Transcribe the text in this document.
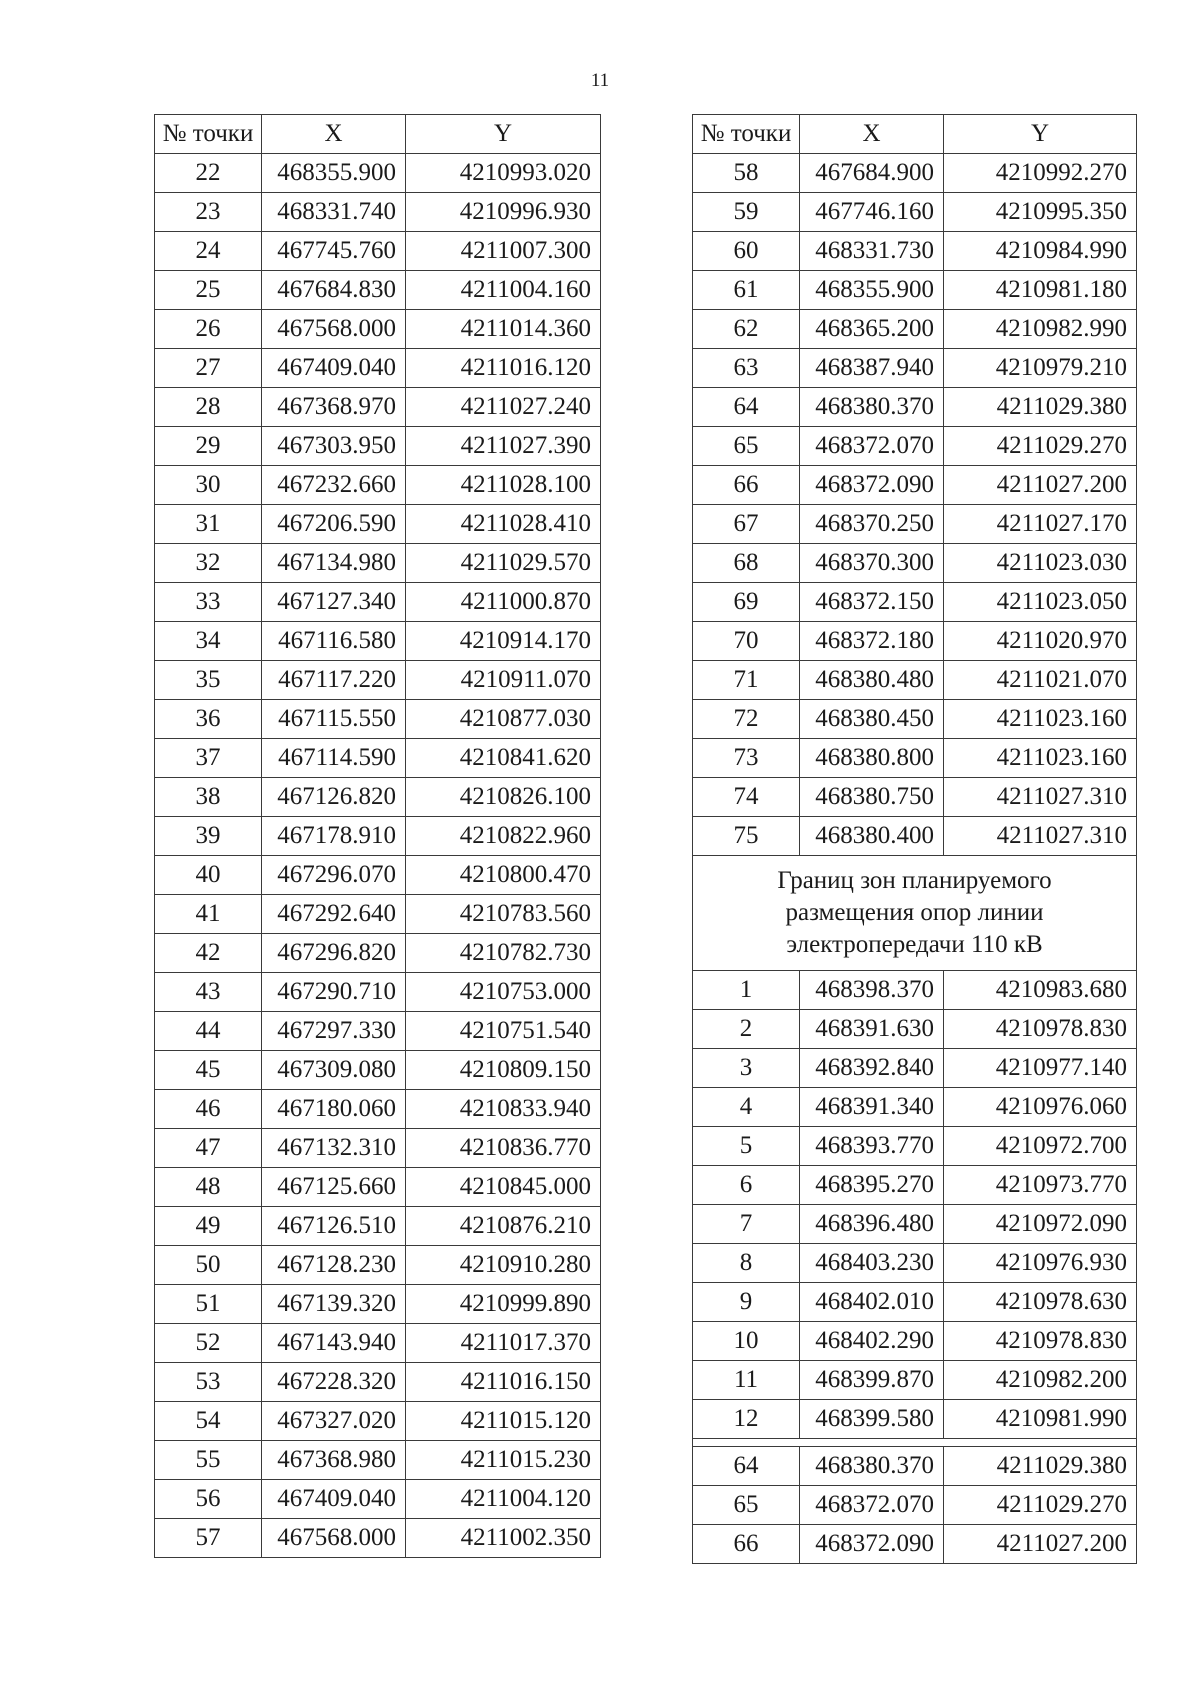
11
№ точки	X	Y
22	468355.900	4210993.020
23	468331.740	4210996.930
24	467745.760	4211007.300
25	467684.830	4211004.160
26	467568.000	4211014.360
27	467409.040	4211016.120
28	467368.970	4211027.240
29	467303.950	4211027.390
30	467232.660	4211028.100
31	467206.590	4211028.410
32	467134.980	4211029.570
33	467127.340	4211000.870
34	467116.580	4210914.170
35	467117.220	4210911.070
36	467115.550	4210877.030
37	467114.590	4210841.620
38	467126.820	4210826.100
39	467178.910	4210822.960
40	467296.070	4210800.470
41	467292.640	4210783.560
42	467296.820	4210782.730
43	467290.710	4210753.000
44	467297.330	4210751.540
45	467309.080	4210809.150
46	467180.060	4210833.940
47	467132.310	4210836.770
48	467125.660	4210845.000
49	467126.510	4210876.210
50	467128.230	4210910.280
51	467139.320	4210999.890
52	467143.940	4211017.370
53	467228.320	4211016.150
54	467327.020	4211015.120
55	467368.980	4211015.230
56	467409.040	4211004.120
57	467568.000	4211002.350
№ точки	X	Y
58	467684.900	4210992.270
59	467746.160	4210995.350
60	468331.730	4210984.990
61	468355.900	4210981.180
62	468365.200	4210982.990
63	468387.940	4210979.210
64	468380.370	4211029.380
65	468372.070	4211029.270
66	468372.090	4211027.200
67	468370.250	4211027.170
68	468370.300	4211023.030
69	468372.150	4211023.050
70	468372.180	4211020.970
71	468380.480	4211021.070
72	468380.450	4211023.160
73	468380.800	4211023.160
74	468380.750	4211027.310
75	468380.400	4211027.310
Границ зон планируемого размещения опор линии электропередачи 110 кВ		
1	468398.370	4210983.680
2	468391.630	4210978.830
3	468392.840	4210977.140
4	468391.340	4210976.060
5	468393.770	4210972.700
6	468395.270	4210973.770
7	468396.480	4210972.090
8	468403.230	4210976.930
9	468402.010	4210978.630
10	468402.290	4210978.830
11	468399.870	4210982.200
12	468399.580	4210981.990

64	468380.370	4211029.380
65	468372.070	4211029.270
66	468372.090	4211027.200
